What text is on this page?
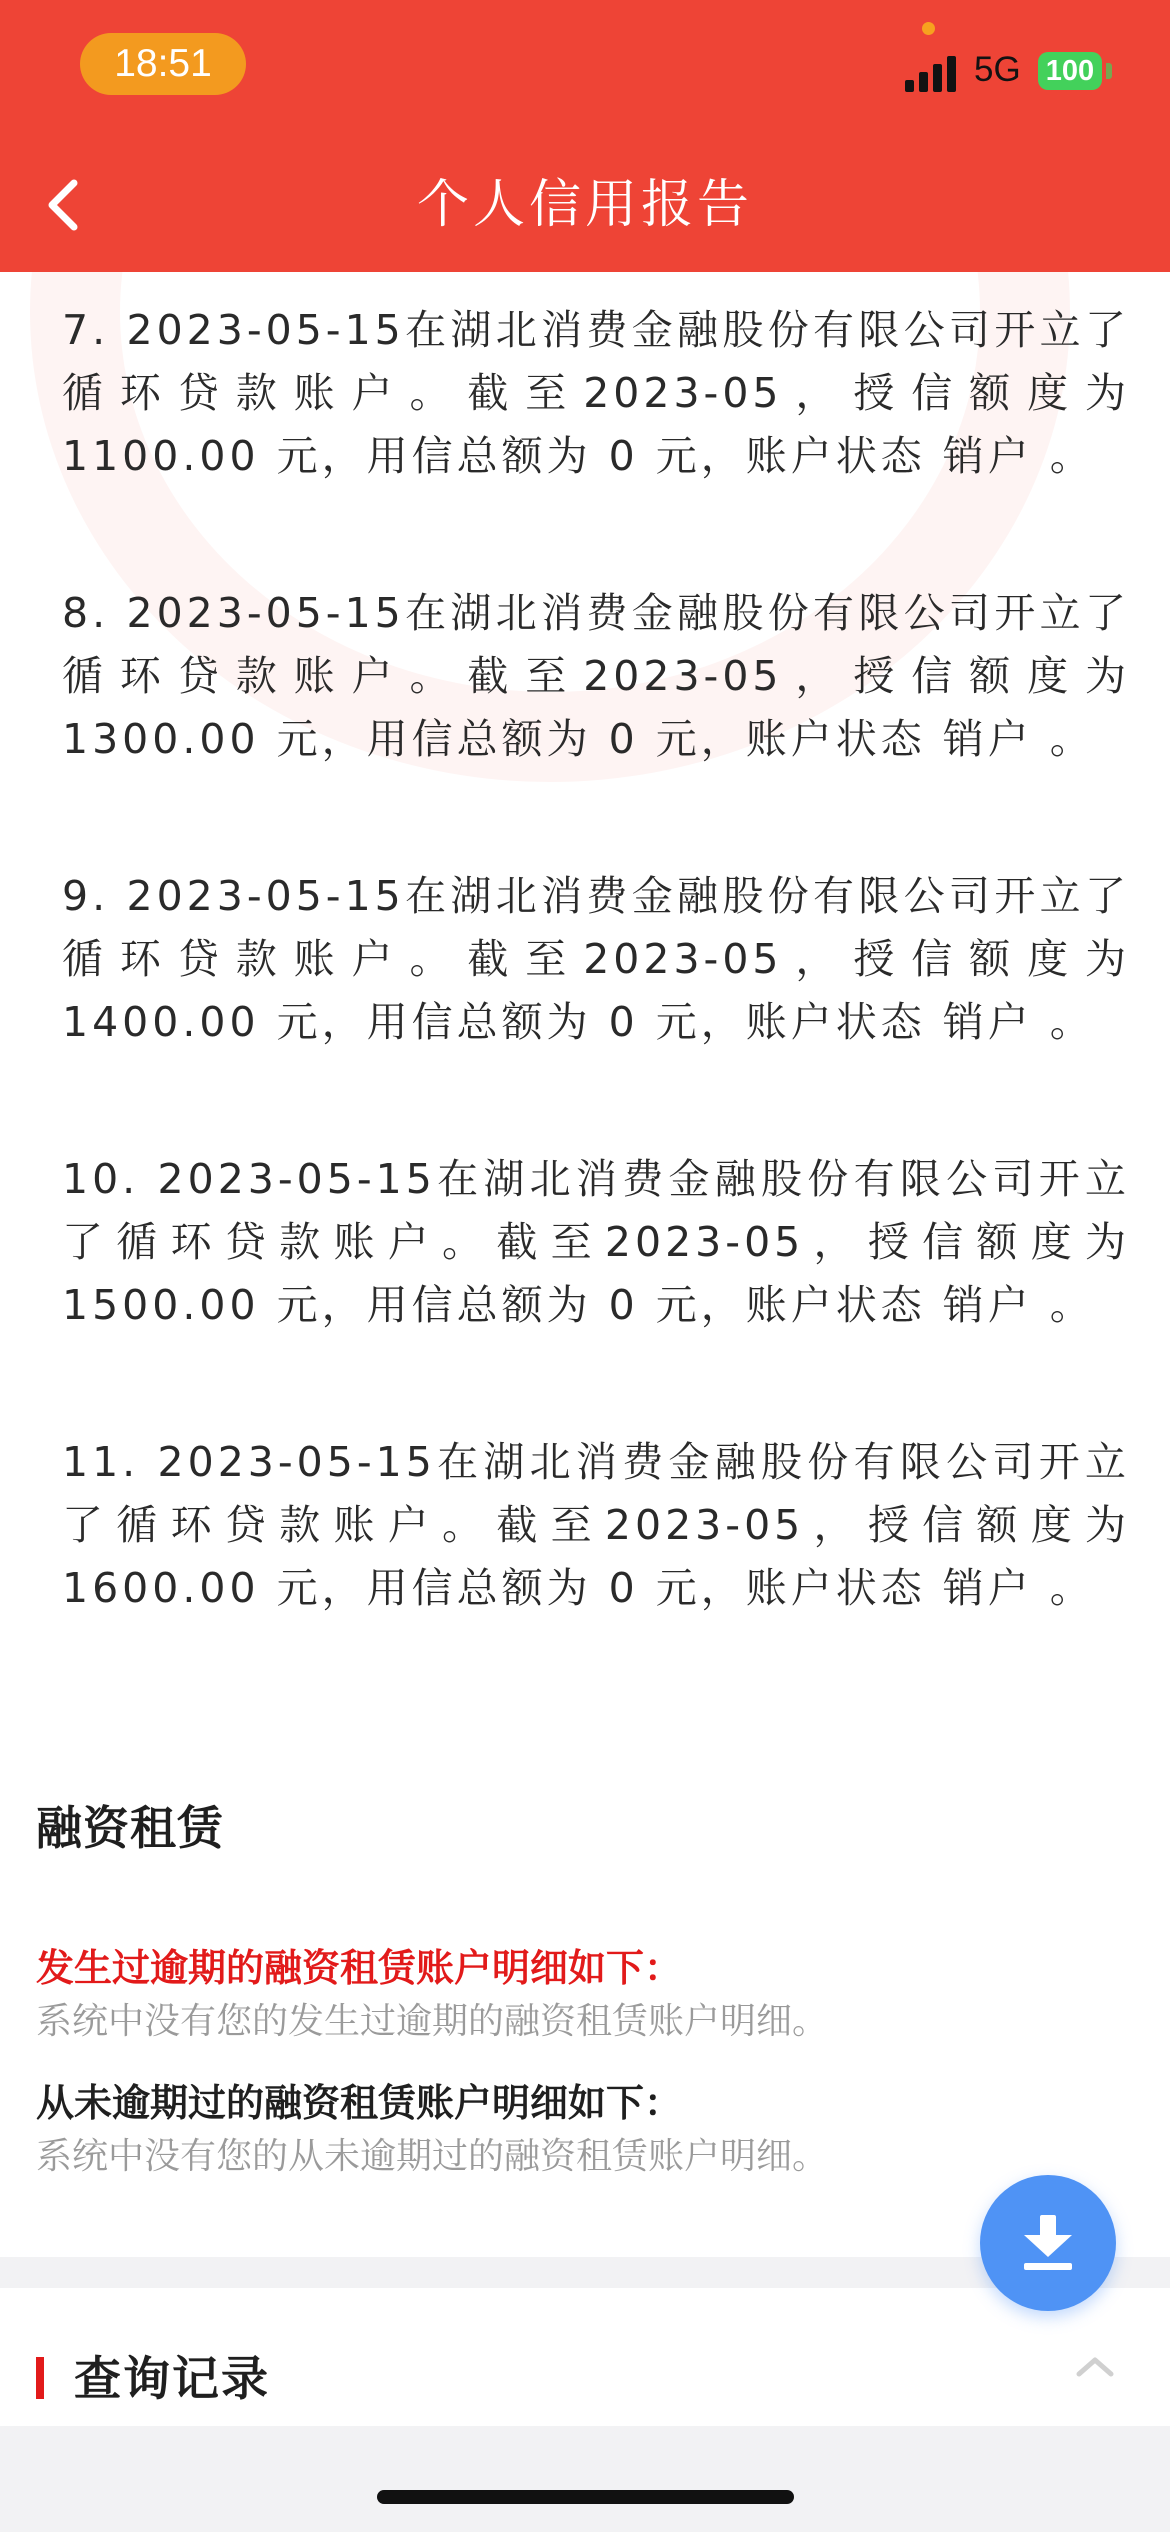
18:51	5G 100
个人信用报告

7. 2023-05-15在湖北消费金融股份有限公司开立了循环贷款账户。截至2023-05，授信额度为 1100.00 元，用信总额为 0 元，账户状态 销户 。

8. 2023-05-15在湖北消费金融股份有限公司开立了循环贷款账户。截至2023-05，授信额度为 1300.00 元，用信总额为 0 元，账户状态 销户 。

9. 2023-05-15在湖北消费金融股份有限公司开立了循环贷款账户。截至2023-05，授信额度为 1400.00 元，用信总额为 0 元，账户状态 销户 。

10. 2023-05-15在湖北消费金融股份有限公司开立了循环贷款账户。截至2023-05，授信额度为 1500.00 元，用信总额为 0 元，账户状态 销户 。

11. 2023-05-15在湖北消费金融股份有限公司开立了循环贷款账户。截至2023-05，授信额度为 1600.00 元，用信总额为 0 元，账户状态 销户 。

融资租赁

发生过逾期的融资租赁账户明细如下：

系统中没有您的发生过逾期的融资租赁账户明细。

从未逾期过的融资租赁账户明细如下：

系统中没有您的从未逾期过的融资租赁账户明细。

查询记录
